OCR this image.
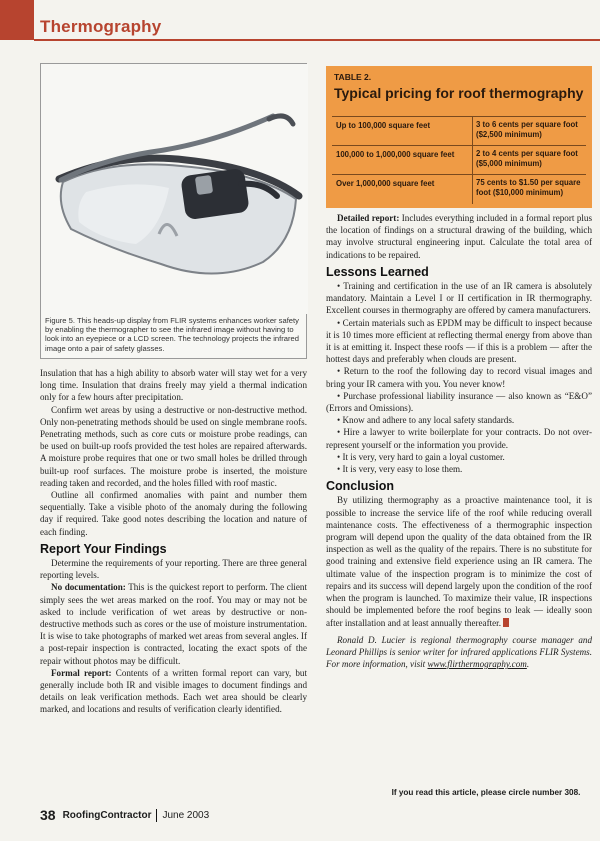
Thermography
Figure 5. This heads-up display from FLIR systems enhances worker safety by enabling the thermographer to see the infrared image without having to look into an eyepiece or a LCD screen. The technology projects the infrared image onto a pair of safety glasses.
TABLE 2.
Typical pricing for roof thermography
Up to 100,000 square feet	3 to 6 cents per square foot ($2,500 minimum)
100,000 to 1,000,000 square feet	2 to 4 cents per square foot ($5,000 minimum)
Over 1,000,000 square feet	75 cents to $1.50 per square foot ($10,000 minimum)

Insulation that has a high ability to absorb water will stay wet for a very long time. Insulation that drains freely may yield a thermal indication only for a few hours after precipitation.

Confirm wet areas by using a destructive or non-destructive method. Only non-penetrating methods should be used on single membrane roofs. Penetrating methods, such as core cuts or moisture probe readings, can be used on built-up roofs provided the test holes are repaired afterwards. A moisture probe requires that one or two small holes be drilled through built-up roof surfaces. The moisture probe is inserted, the moisture reading taken and recorded, and the holes filled with roof mastic.

Outline all confirmed anomalies with paint and number them sequentially. Take a visible photo of the anomaly during the following day if required. Take good notes describing the location and nature of each finding.

Report Your Findings

Determine the requirements of your reporting. There are three general reporting levels.

No documentation: This is the quickest report to perform. The client simply sees the wet areas marked on the roof. You may or may not be asked to include verification of wet areas by destructive or non-destructive methods such as cores or the use of moisture instrumentation. It is wise to take photographs of marked wet areas from several angles. If a post-repair inspection is contracted, locating the exact spots of the repair without photos may be difficult.

Formal report: Contents of a written formal report can vary, but generally include both IR and visible images to document findings and details on leak verification methods. Each wet area should be clearly marked, and locations and results of verification clearly identified.

Detailed report: Includes everything included in a formal report plus the location of findings on a structural drawing of the building, which may involve structural engineering input. Calculate the total area of indications to be repaired.

Lessons Learned

• Training and certification in the use of an IR camera is absolutely mandatory. Maintain a Level I or II certification in IR thermography. Excellent courses in thermography are offered by camera manufacturers.

• Certain materials such as EPDM may be difficult to inspect because it is 10 times more efficient at reflecting thermal energy from above than it is at emitting it. Inspect these roofs — if this is a problem — after the hottest days and preferably when clouds are present.

• Return to the roof the following day to record visual images and bring your IR camera with you. You never know!

• Purchase professional liability insurance — also known as “E&O” (Errors and Omissions).

• Know and adhere to any local safety standards.

• Hire a lawyer to write boilerplate for your contracts. Do not over-represent yourself or the information you provide.

• It is very, very hard to gain a loyal customer.

• It is very, very easy to lose them.

Conclusion

By utilizing thermography as a proactive maintenance tool, it is possible to increase the service life of the roof while reducing overall maintenance costs. The effectiveness of a thermographic inspection program will depend upon the quality of the data obtained from the IR inspection as well as the quality of the repairs. There is no substitute for good training and extensive field experience using an IR camera. The ultimate value of the inspection program is to minimize the cost of repairs and its success will depend largely upon the condition of the roof when the program is launched. To maximize their value, IR inspections should be implemented before the roof begins to leak — ideally soon after installation and at least annually thereafter.

Ronald D. Lucier is regional thermography course manager and Leonard Phillips is senior writer for infrared applications FLIR Systems. For more information, visit www.flirthermography.com.

If you read this article, please circle number 308.
38 RoofingContractor June 2003
